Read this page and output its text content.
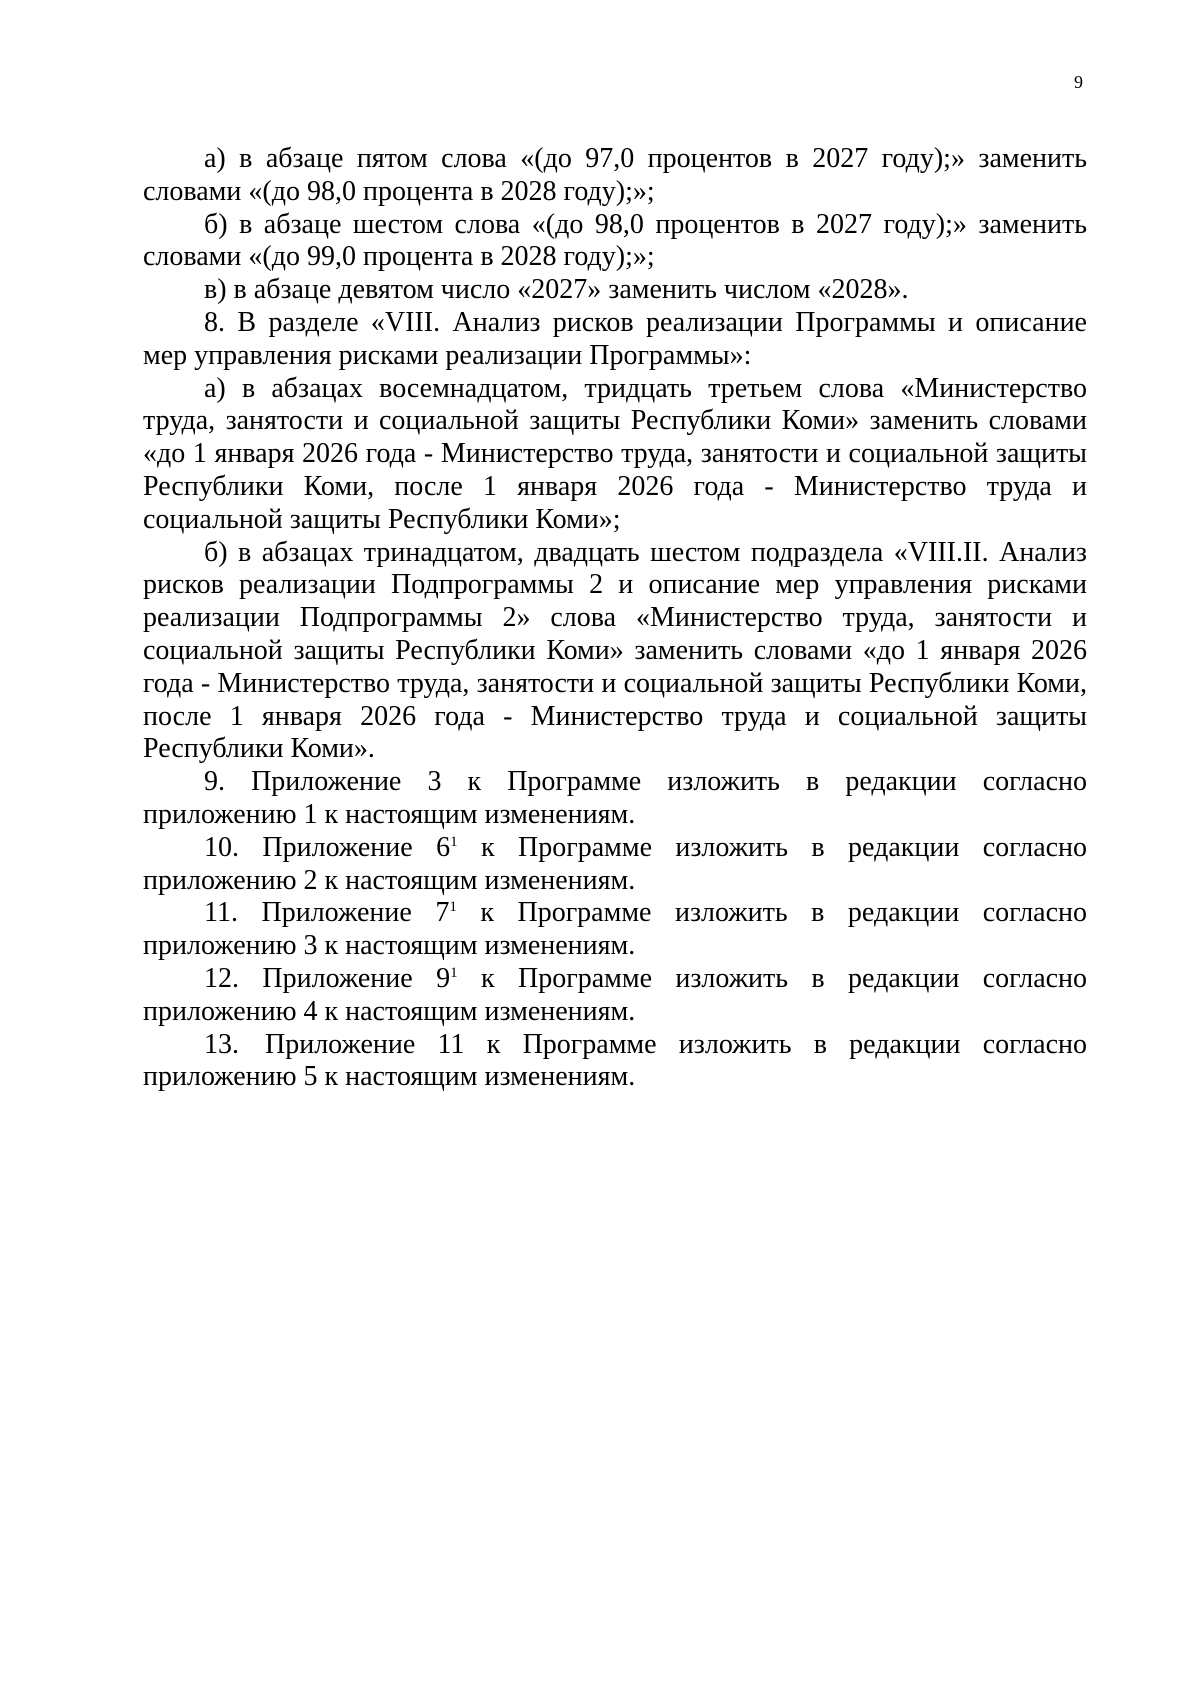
9

а) в абзаце пятом слова «(до 97,0 процентов в 2027 году);» заменить словами «(до 98,0 процента в 2028 году);»;

б) в абзаце шестом слова «(до 98,0 процентов в 2027 году);» заменить словами «(до 99,0 процента в 2028 году);»;

в) в абзаце девятом число «2027» заменить числом «2028».

8. В разделе «VIII. Анализ рисков реализации Программы и описание мер управления рисками реализации Программы»:

а) в абзацах восемнадцатом, тридцать третьем слова «Министерство труда, занятости и социальной защиты Республики Коми» заменить словами «до 1 января 2026 года - Министерство труда, занятости и социальной защиты Республики Коми, после 1 января 2026 года - Министерство труда и социальной защиты Республики Коми»;

б) в абзацах тринадцатом, двадцать шестом подраздела «VIII.II. Анализ рисков реализации Подпрограммы 2 и описание мер управления рисками реализации Подпрограммы 2» слова «Министерство труда, занятости и социальной защиты Республики Коми» заменить словами «до 1 января 2026 года - Министерство труда, занятости и социальной защиты Республики Коми, после 1 января 2026 года - Министерство труда и социальной защиты Республики Коми».

9. Приложение 3 к Программе изложить в редакции согласно приложению 1 к настоящим изменениям.

10. Приложение $6^1$ к Программе изложить в редакции согласно приложению 2 к настоящим изменениям.

11. Приложение $7^1$ к Программе изложить в редакции согласно приложению 3 к настоящим изменениям.

12. Приложение $9^1$ к Программе изложить в редакции согласно приложению 4 к настоящим изменениям.

13. Приложение 11 к Программе изложить в редакции согласно приложению 5 к настоящим изменениям.
